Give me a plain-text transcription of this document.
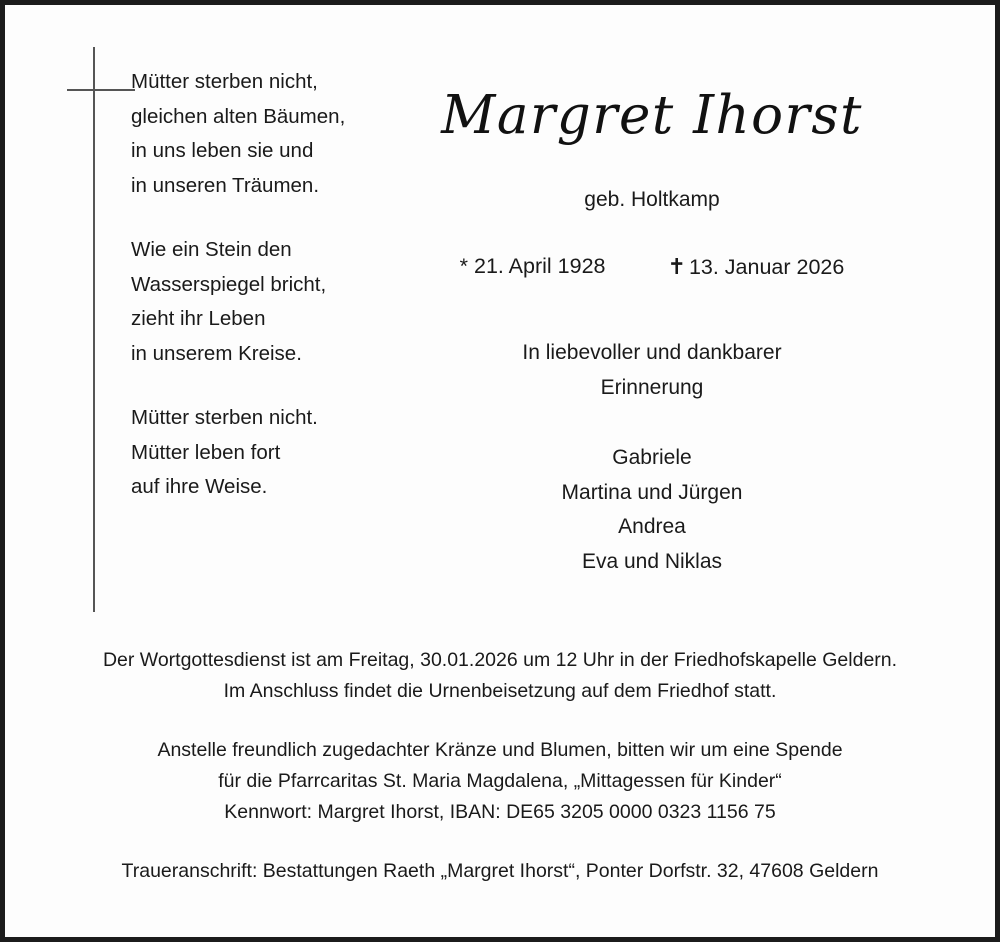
Mütter sterben nicht,
gleichen alten Bäumen,
in uns leben sie und
in unseren Träumen.
Wie ein Stein den
Wasserspiegel bricht,
zieht ihr Leben
in unserem Kreise.
Mütter sterben nicht.
Mütter leben fort
auf ihre Weise.
Margret Ihorst
geb. Holtkamp
* 21. April 1928	✝ 13. Januar 2026
In liebevoller und dankbarer
Erinnerung
Gabriele
Martina und Jürgen
Andrea
Eva und Niklas
Der Wortgottesdienst ist am Freitag, 30.01.2026 um 12 Uhr in der Friedhofskapelle Geldern.
Im Anschluss findet die Urnenbeisetzung auf dem Friedhof statt.
Anstelle freundlich zugedachter Kränze und Blumen, bitten wir um eine Spende
für die Pfarrcaritas St. Maria Magdalena, „Mittagessen für Kinder“
Kennwort: Margret Ihorst, IBAN: DE65 3205 0000 0323 1156 75
Traueranschrift: Bestattungen Raeth „Margret Ihorst“, Ponter Dorfstr. 32, 47608 Geldern
